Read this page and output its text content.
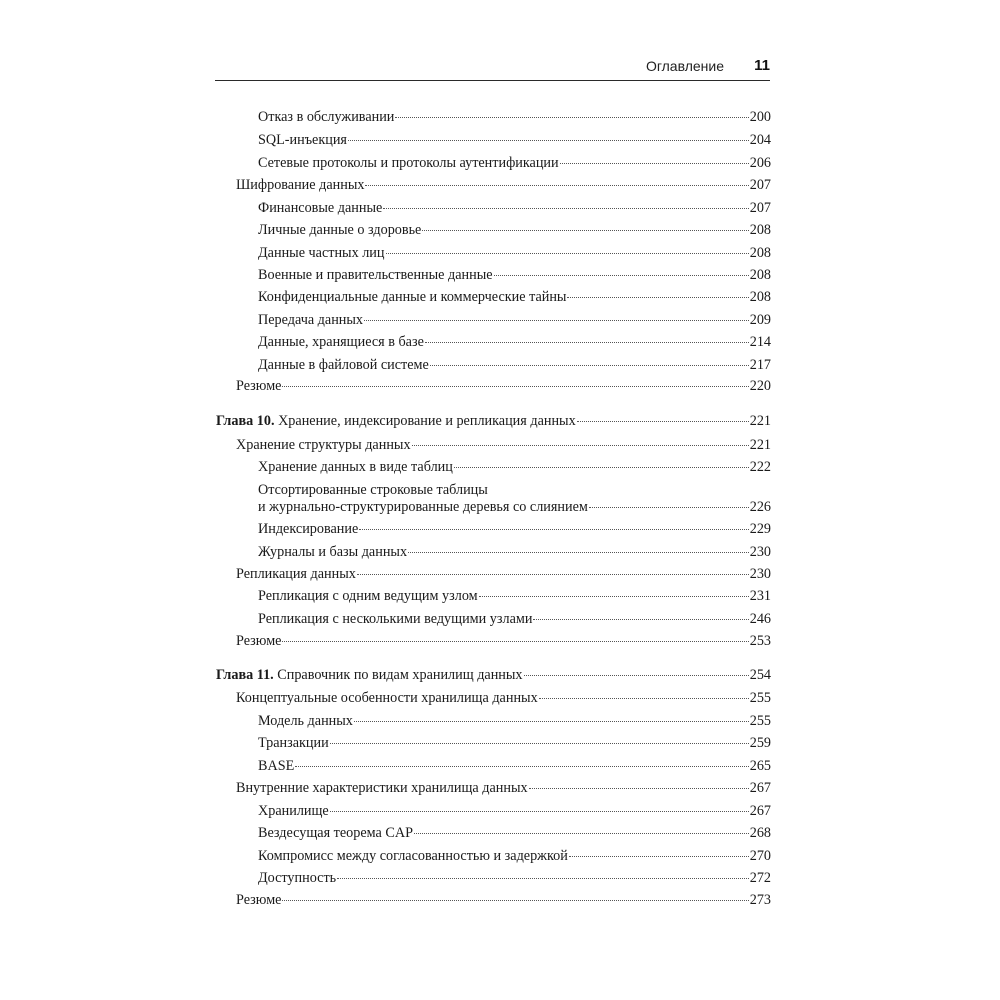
Оглавление 11
Отказ в обслуживании	200
SQL-инъекция	204
Сетевые протоколы и протоколы аутентификации	206
Шифрование данных	207
Финансовые данные	207
Личные данные о здоровье	208
Данные частных лиц	208
Военные и правительственные данные	208
Конфиденциальные данные и коммерческие тайны	208
Передача данных	209
Данные, хранящиеся в базе	214
Данные в файловой системе	217
Резюме	220
Глава 10. Хранение, индексирование и репликация данных	221
Хранение структуры данных	221
Хранение данных в виде таблиц	222
Отсортированные строковые таблицы
и журнально-структурированные деревья со слиянием	226
Индексирование	229
Журналы и базы данных	230
Репликация данных	230
Репликация с одним ведущим узлом	231
Репликация с несколькими ведущими узлами	246
Резюме	253
Глава 11. Справочник по видам хранилищ данных	254
Концептуальные особенности хранилища данных	255
Модель данных	255
Транзакции	259
BASE	265
Внутренние характеристики хранилища данных	267
Хранилище	267
Вездесущая теорема CAP	268
Компромисс между согласованностью и задержкой	270
Доступность	272
Резюме	273
